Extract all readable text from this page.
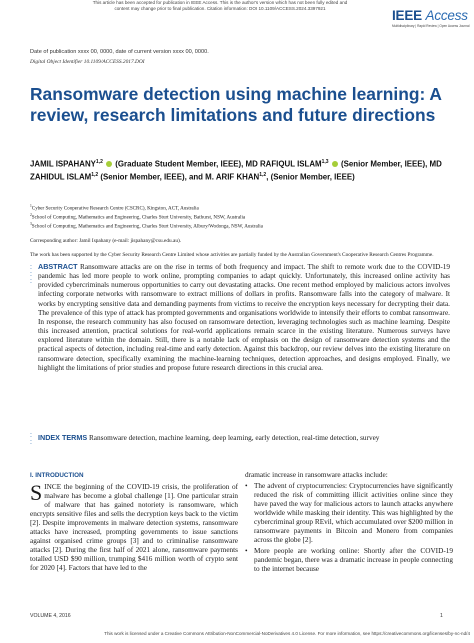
This article has been accepted for publication in IEEE Access. This is the author's version which has not been fully edited and
content may change prior to final publication. Citation information: DOI 10.1109/ACCESS.2024.3397921	IEEE Access
Multidisciplinary | Rapid Review | Open Access Journal
Date of publication xxxx 00, 0000, date of current version xxxx 00, 0000.
Digital Object Identifier 10.1109/ACCESS.2017.DOI
Ransomware detection using machine learning: A review, research limitations and future directions
JAMIL ISPAHANY$^{1,2}$ (Graduate Student Member, IEEE), MD RAFIQUL ISLAM$^{1,3}$ (Senior Member, IEEE), MD ZAHIDUL ISLAM$^{1,2}$ (Senior Member, IEEE), and M. ARIF KHAN$^{1,2}$, (Senior Member, IEEE)
$^1$Cyber Security Cooperative Research Centre (CSCRC), Kingston, ACT, Australia
$^2$School of Computing, Mathematics and Engineering, Charles Sturt University, Bathurst, NSW, Australia
$^3$School of Computing, Mathematics and Engineering, Charles Sturt University, Albury/Wodonga, NSW, Australia
Corresponding author: Jamil Ispahany (e-mail: jispahany@csu.edu.au).
The work has been supported by the Cyber Security Research Centre Limited whose activities are partially funded by the Australian Government's Cooperative Research Centres Programme.
:
:
:
ABSTRACT Ransomware attacks are on the rise in terms of both frequency and impact. The shift to remote work due to the COVID-19 pandemic has led more people to work online, prompting companies to adapt quickly. Unfortunately, this increased online activity has provided cybercriminals numerous opportunities to carry out devastating attacks. One recent method employed by malicious actors involves infecting corporate networks with ransomware to extract millions of dollars in profits. Ransomware falls into the category of malware. It works by encrypting sensitive data and demanding payments from victims to receive the encryption keys necessary for decrypting their data. The prevalence of this type of attack has prompted governments and organisations worldwide to intensify their efforts to combat ransomware. In response, the research community has also focused on ransomware detection, leveraging technologies such as machine learning. Despite this increased attention, practical solutions for real-world applications remain scarce in the existing literature. Numerous surveys have explored literature within the domain. Still, there is a notable lack of emphasis on the design of ransomware detection systems and the practical aspects of detection, including real-time and early detection. Against this backdrop, our review delves into the existing literature on ransomware detection, specifically examining the machine-learning techniques, detection approaches, and designs employed. Finally, we highlight the limitations of prior studies and propose future research directions in this crucial area.
:
:
INDEX TERMS Ransomware detection, machine learning, deep learning, early detection, real-time detection, survey
I. INTRODUCTION
SINCE the beginning of the COVID-19 crisis, the proliferation of malware has become a global challenge [1]. One particular strain of malware that has gained notoriety is ransomware, which encrypts sensitive files and sells the decryption keys back to the victim [2]. Despite improvements in malware detection systems, ransomware attacks have increased, prompting governments to issue sanctions against organised crime groups [3] and to criminalise ransomware attacks [2]. During the first half of 2021 alone, ransomware payments totalled USD $90 million, trumping $416 million worth of crypto sent for 2020 [4]. Factors that have led to the
dramatic increase in ransomware attacks include:
• The advent of cryptocurrencies: Cryptocurrencies have significantly reduced the risk of committing illicit activities online since they have paved the way for malicious actors to launch attacks anywhere worldwide while masking their identity. This was highlighted by the cybercriminal group REvil, which accumulated over $200 million in ransomware payments in Bitcoin and Monero from companies across the globe [2].
• More people are working online: Shortly after the COVID-19 pandemic began, there was a dramatic increase in people connecting to the internet because
VOLUME 4, 2016	1
This work is licensed under a Creative Commons Attribution-NonCommercial-NoDerivatives 4.0 License. For more information, see https://creativecommons.org/licenses/by-nc-nd/4
